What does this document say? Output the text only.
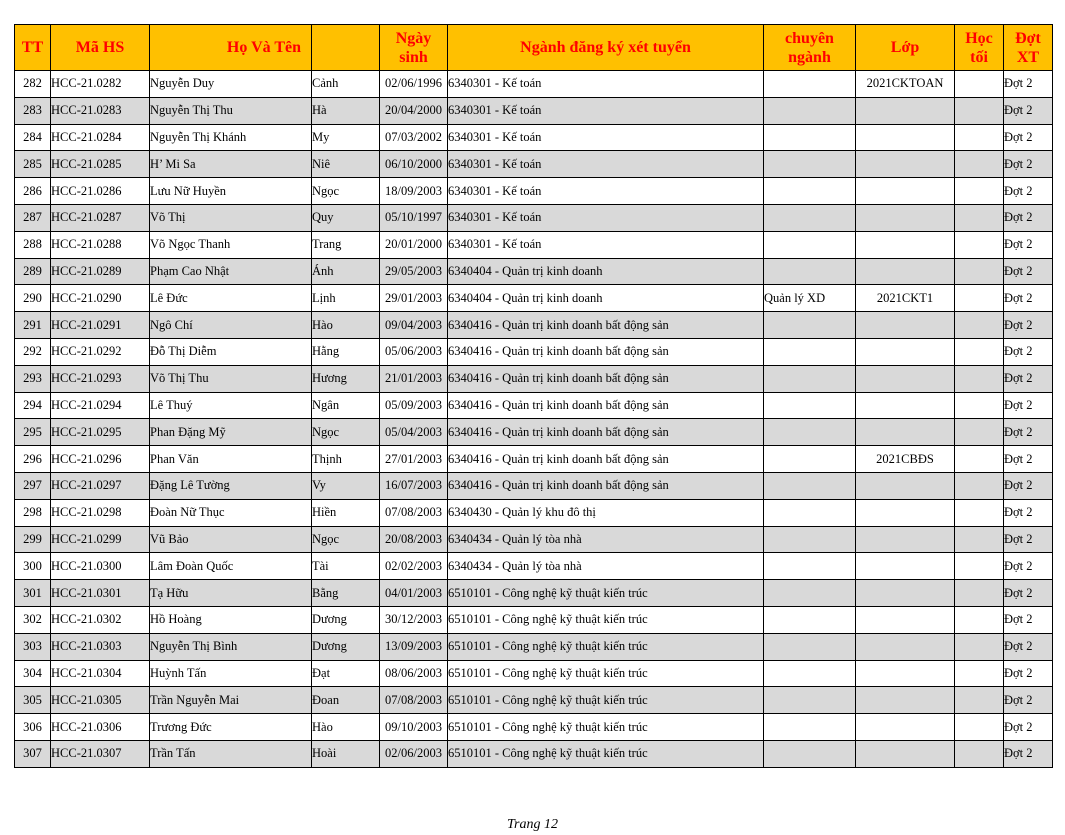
TT	Mã HS	Họ Và Tên		Ngày sinh	Ngành đăng ký xét tuyển	chuyên ngành	Lớp	Học tối	Đợt XT
282	HCC-21.0282	Nguyễn Duy	Cảnh	02/06/1996	6340301 - Kế toán		2021CKTOAN		Đợt 2
283	HCC-21.0283	Nguyễn Thị Thu	Hà	20/04/2000	6340301 - Kế toán				Đợt 2
284	HCC-21.0284	Nguyễn Thị Khánh	My	07/03/2002	6340301 - Kế toán				Đợt 2
285	HCC-21.0285	H’ Mi Sa	Niê	06/10/2000	6340301 - Kế toán				Đợt 2
286	HCC-21.0286	Lưu Nữ Huyền	Ngọc	18/09/2003	6340301 - Kế toán				Đợt 2
287	HCC-21.0287	Võ Thị	Quy	05/10/1997	6340301 - Kế toán				Đợt 2
288	HCC-21.0288	Võ Ngọc Thanh	Trang	20/01/2000	6340301 - Kế toán				Đợt 2
289	HCC-21.0289	Phạm Cao Nhật	Ánh	29/05/2003	6340404 - Quản trị kinh doanh				Đợt 2
290	HCC-21.0290	Lê Đức	Lịnh	29/01/2003	6340404 - Quản trị kinh doanh	Quản lý XD	2021CKT1		Đợt 2
291	HCC-21.0291	Ngô Chí	Hào	09/04/2003	6340416 - Quản trị kinh doanh bất động sản				Đợt 2
292	HCC-21.0292	Đỗ Thị Diễm	Hằng	05/06/2003	6340416 - Quản trị kinh doanh bất động sản				Đợt 2
293	HCC-21.0293	Võ Thị Thu	Hương	21/01/2003	6340416 - Quản trị kinh doanh bất động sản				Đợt 2
294	HCC-21.0294	Lê Thuý	Ngân	05/09/2003	6340416 - Quản trị kinh doanh bất động sản				Đợt 2
295	HCC-21.0295	Phan Đặng Mỹ	Ngọc	05/04/2003	6340416 - Quản trị kinh doanh bất động sản				Đợt 2
296	HCC-21.0296	Phan Văn	Thịnh	27/01/2003	6340416 - Quản trị kinh doanh bất động sản		2021CBĐS		Đợt 2
297	HCC-21.0297	Đặng Lê Tường	Vy	16/07/2003	6340416 - Quản trị kinh doanh bất động sản				Đợt 2
298	HCC-21.0298	Đoàn Nữ Thục	Hiền	07/08/2003	6340430 - Quản lý khu đô thị				Đợt 2
299	HCC-21.0299	Vũ Bảo	Ngọc	20/08/2003	6340434 - Quản lý tòa nhà				Đợt 2
300	HCC-21.0300	Lâm Đoàn Quốc	Tài	02/02/2003	6340434 - Quản lý tòa nhà				Đợt 2
301	HCC-21.0301	Tạ Hữu	Bằng	04/01/2003	6510101 - Công nghệ kỹ thuật kiến trúc				Đợt 2
302	HCC-21.0302	Hồ Hoàng	Dương	30/12/2003	6510101 - Công nghệ kỹ thuật kiến trúc				Đợt 2
303	HCC-21.0303	Nguyễn Thị Bình	Dương	13/09/2003	6510101 - Công nghệ kỹ thuật kiến trúc				Đợt 2
304	HCC-21.0304	Huỳnh Tấn	Đạt	08/06/2003	6510101 - Công nghệ kỹ thuật kiến trúc				Đợt 2
305	HCC-21.0305	Trần Nguyễn Mai	Đoan	07/08/2003	6510101 - Công nghệ kỹ thuật kiến trúc				Đợt 2
306	HCC-21.0306	Trương Đức	Hào	09/10/2003	6510101 - Công nghệ kỹ thuật kiến trúc				Đợt 2
307	HCC-21.0307	Trần Tấn	Hoài	02/06/2003	6510101 - Công nghệ kỹ thuật kiến trúc				Đợt 2
Trang 12
